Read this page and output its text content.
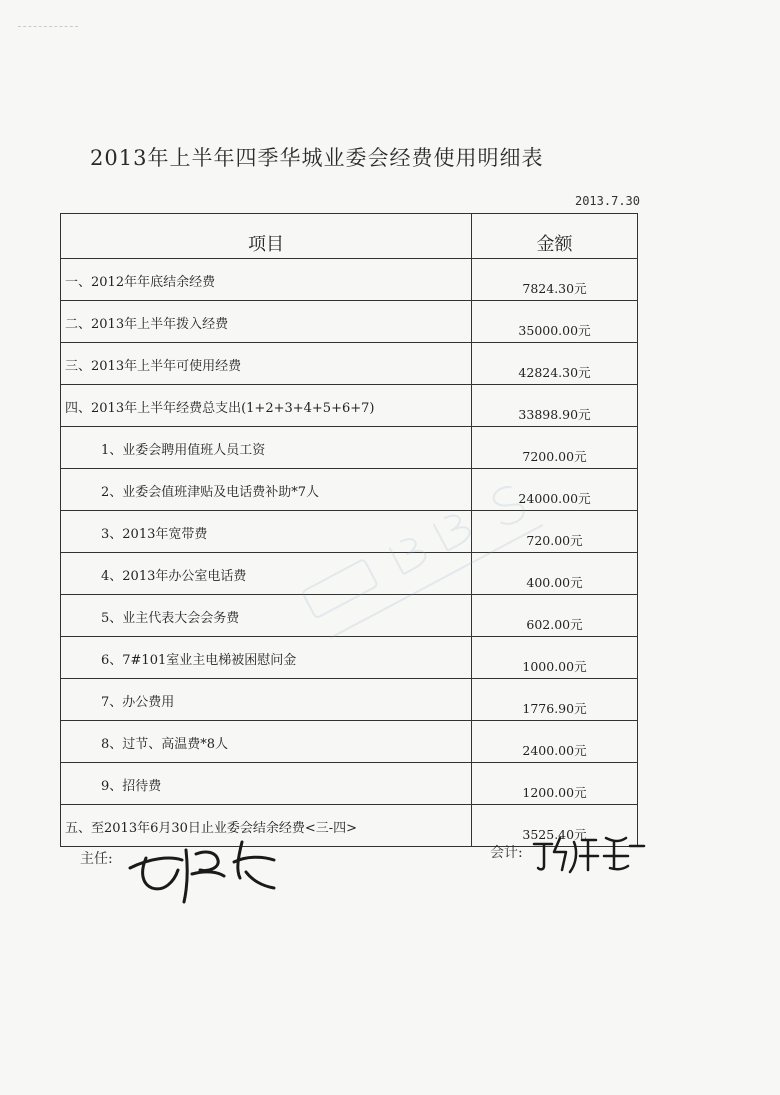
2013年上半年四季华城业委会经费使用明细表
2013.7.30
项目	金额
一、2012年年底结余经费	7824.30元
二、2013年上半年拨入经费	35000.00元
三、2013年上半年可使用经费	42824.30元
四、2013年上半年经费总支出(1+2+3+4+5+6+7)	33898.90元
1、业委会聘用值班人员工资	7200.00元
2、业委会值班津贴及电话费补助*7人	24000.00元
3、2013年宽带费	720.00元
4、2013年办公室电话费	400.00元
5、业主代表大会会务费	602.00元
6、7#101室业主电梯被困慰问金	1000.00元
7、办公费用	1776.90元
8、过节、高温费*8人	2400.00元
9、招待费	1200.00元
五、至2013年6月30日止业委会结余经费<三-四>	3525.40元
主任:	会计:
